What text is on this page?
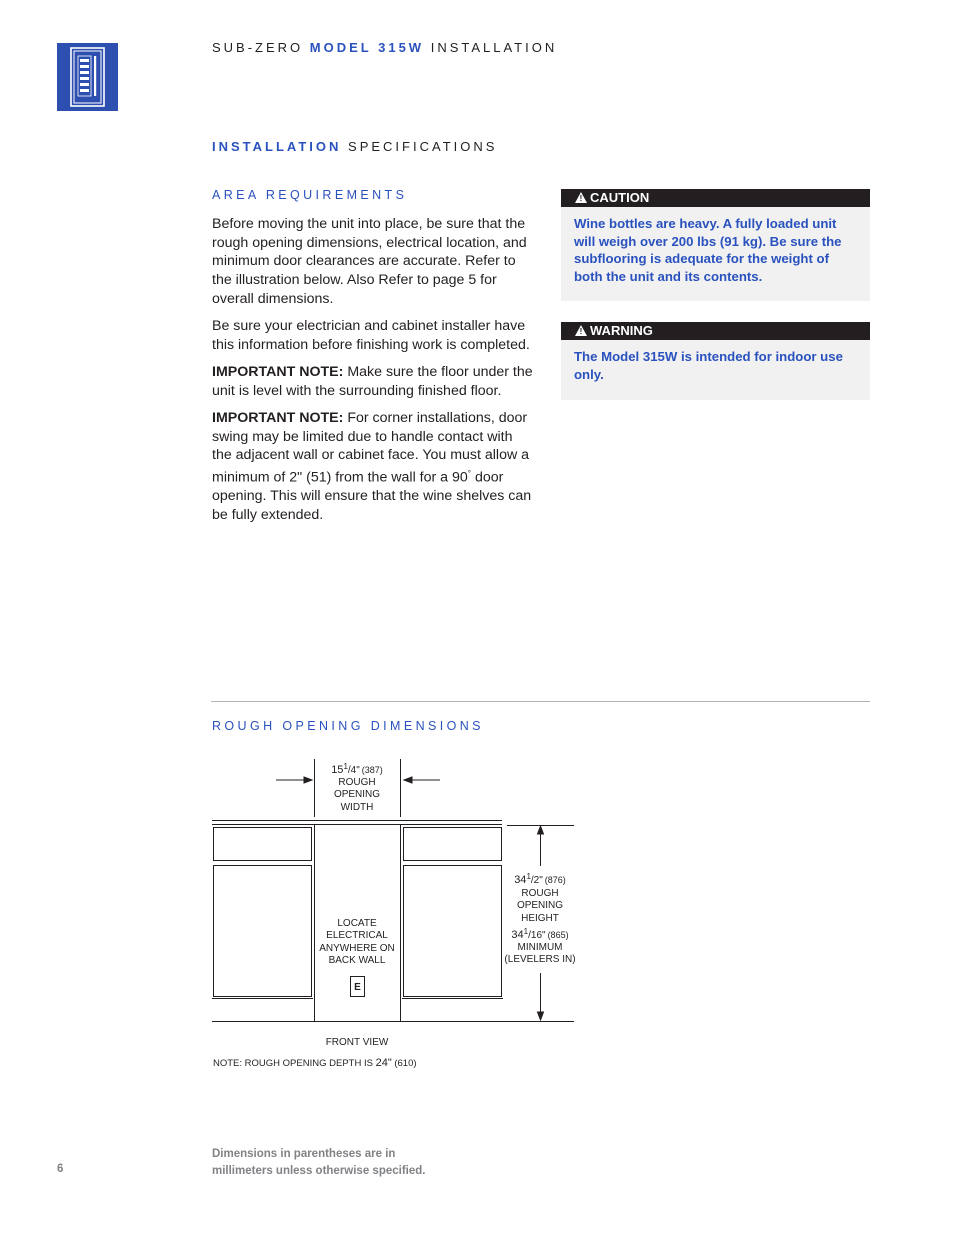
SUB-ZERO MODEL 315W INSTALLATION
INSTALLATION SPECIFICATIONS
AREA REQUIREMENTS

Before moving the unit into place, be sure that the rough opening dimensions, electrical location, and minimum door clearances are accurate. Refer to the illustration below. Also Refer to page 5 for overall dimensions.

Be sure your electrician and cabinet installer have this information before finishing work is completed.

IMPORTANT NOTE: Make sure the floor under the unit is level with the surrounding finished floor.

IMPORTANT NOTE: For corner installations, door swing may be limited due to handle contact with the adjacent wall or cabinet face. You must allow a minimum of 2" (51) from the wall for a 90° door opening. This will ensure that the wine shelves can be fully extended.

! CAUTION
Wine bottles are heavy. A fully loaded unit will weigh over 200 lbs (91 kg). Be sure the subflooring is adequate for the weight of both the unit and its contents.
! WARNING
The Model 315W is intended for indoor use only.
ROUGH OPENING DIMENSIONS
$15^1/4$" (387)
ROUGH
OPENING
WIDTH
LOCATE
ELECTRICAL
ANYWHERE ON
BACK WALL
E
$34^1/2$" (876)
ROUGH
OPENING
HEIGHT
$34^1/16$" (865)
MINIMUM
(LEVELERS IN)
FRONT VIEW
NOTE: ROUGH OPENING DEPTH IS 24" (610)
Dimensions in parentheses are in
millimeters unless otherwise specified.
6
